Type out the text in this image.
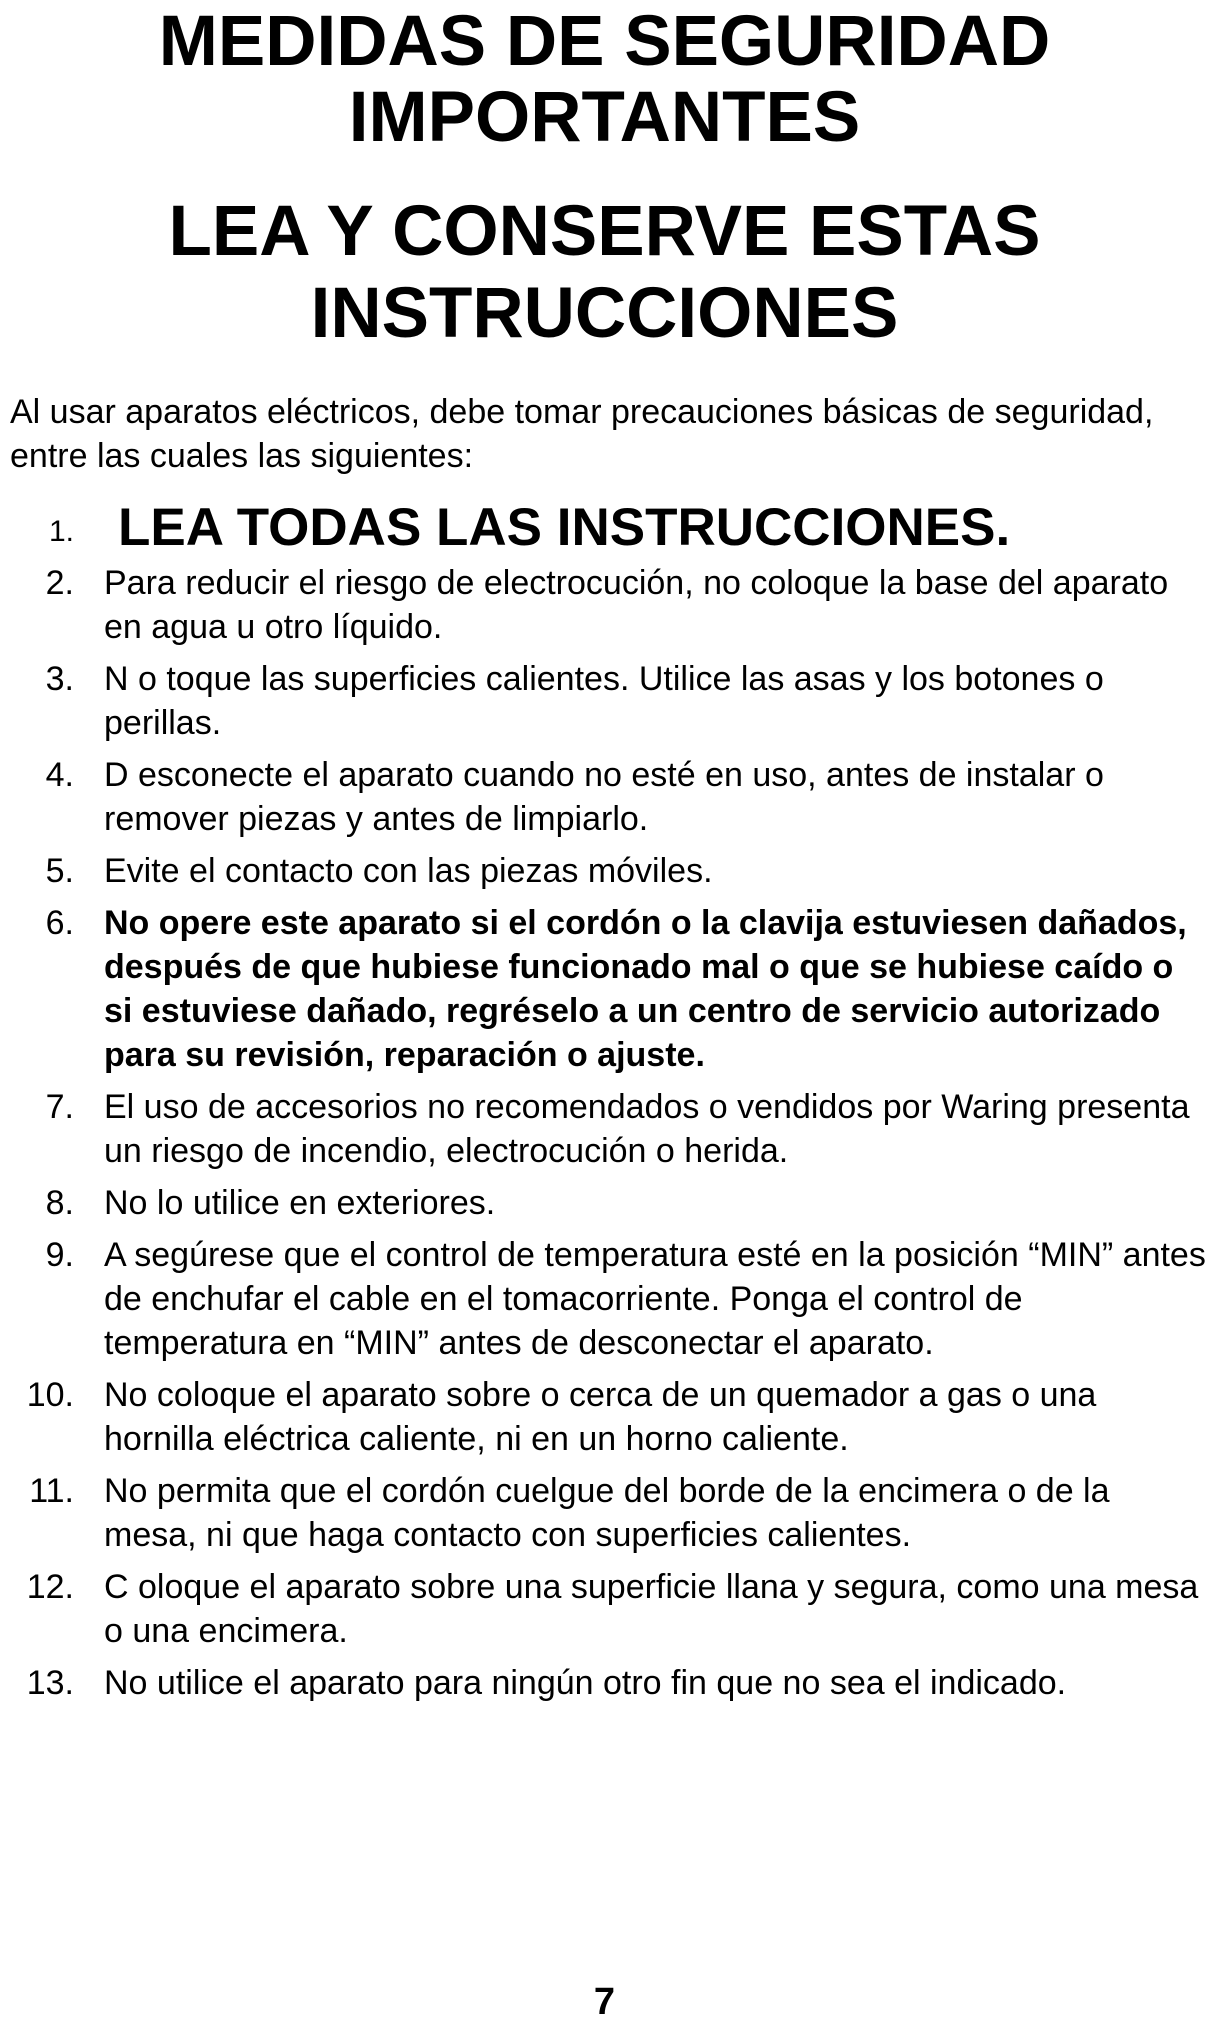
MEDIDAS DE SEGURIDAD
IMPORTANTES
LEA Y CONSERVE ESTAS
INSTRUCCIONES

Al usar aparatos eléctricos, debe tomar precauciones básicas de seguridad, entre las cuales las siguientes:

1. LEA TODAS LAS INSTRUCCIONES.
2. Para reducir el riesgo de electrocución, no coloque la base del aparato en agua u otro líquido.
3. N o toque las superficies calientes. Utilice las asas y los botones o perillas.
4. D esconecte el aparato cuando no esté en uso, antes de instalar o remover piezas y antes de limpiarlo.
5. Evite el contacto con las piezas móviles.
6. No opere este aparato si el cordón o la clavija estuviesen dañados, después de que hubiese funcionado mal o que se hubiese caído o si estuviese dañado, regréselo a un centro de servicio autorizado para su revisión, reparación o ajuste.
7. El uso de accesorios no recomendados o vendidos por Waring presenta un riesgo de incendio, electrocución o herida.
8. No lo utilice en exteriores.
9. A segúrese que el control de temperatura esté en la posición “MIN” antes de enchufar el cable en el tomacorriente. Ponga el control de temperatura en “MIN” antes de desconectar el aparato.
10. No coloque el aparato sobre o cerca de un quemador a gas o una hornilla eléctrica caliente, ni en un horno caliente.
11. No permita que el cordón cuelgue del borde de la encimera o de la mesa, ni que haga contacto con superficies calientes.
12. C oloque el aparato sobre una superficie llana y segura, como una mesa o una encimera.
13. No utilice el aparato para ningún otro fin que no sea el indicado.
7
